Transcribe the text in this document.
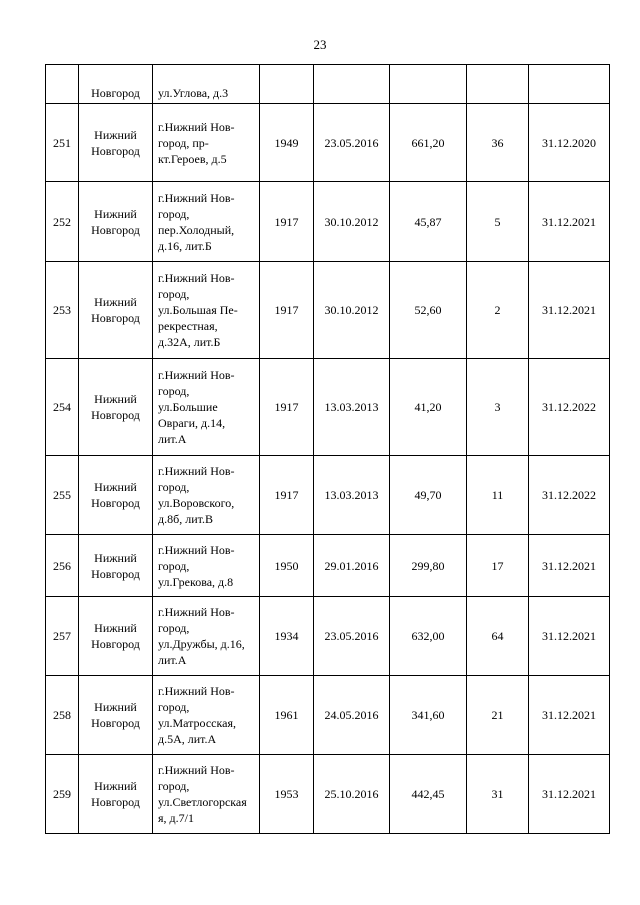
23
	Новгород	ул.Углова, д.3					
251	Нижний
Новгород	г.Нижний Нов-
город, пр-
кт.Героев, д.5	1949	23.05.2016	661,20	36	31.12.2020
252	Нижний
Новгород	г.Нижний Нов-
город,
пер.Холодный,
д.16, лит.Б	1917	30.10.2012	45,87	5	31.12.2021
253	Нижний
Новгород	г.Нижний Нов-
город,
ул.Большая Пе-
рекрестная,
д.32А, лит.Б	1917	30.10.2012	52,60	2	31.12.2021
254	Нижний
Новгород	г.Нижний Нов-
город,
ул.Большие
Овраги, д.14,
лит.А	1917	13.03.2013	41,20	3	31.12.2022
255	Нижний
Новгород	г.Нижний Нов-
город,
ул.Воровского,
д.8б, лит.В	1917	13.03.2013	49,70	11	31.12.2022
256	Нижний
Новгород	г.Нижний Нов-
город,
ул.Грекова, д.8	1950	29.01.2016	299,80	17	31.12.2021
257	Нижний
Новгород	г.Нижний Нов-
город,
ул.Дружбы, д.16,
лит.А	1934	23.05.2016	632,00	64	31.12.2021
258	Нижний
Новгород	г.Нижний Нов-
город,
ул.Матросская,
д.5А, лит.А	1961	24.05.2016	341,60	21	31.12.2021
259	Нижний
Новгород	г.Нижний Нов-
город,
ул.Светлогорская
я, д.7/1	1953	25.10.2016	442,45	31	31.12.2021
